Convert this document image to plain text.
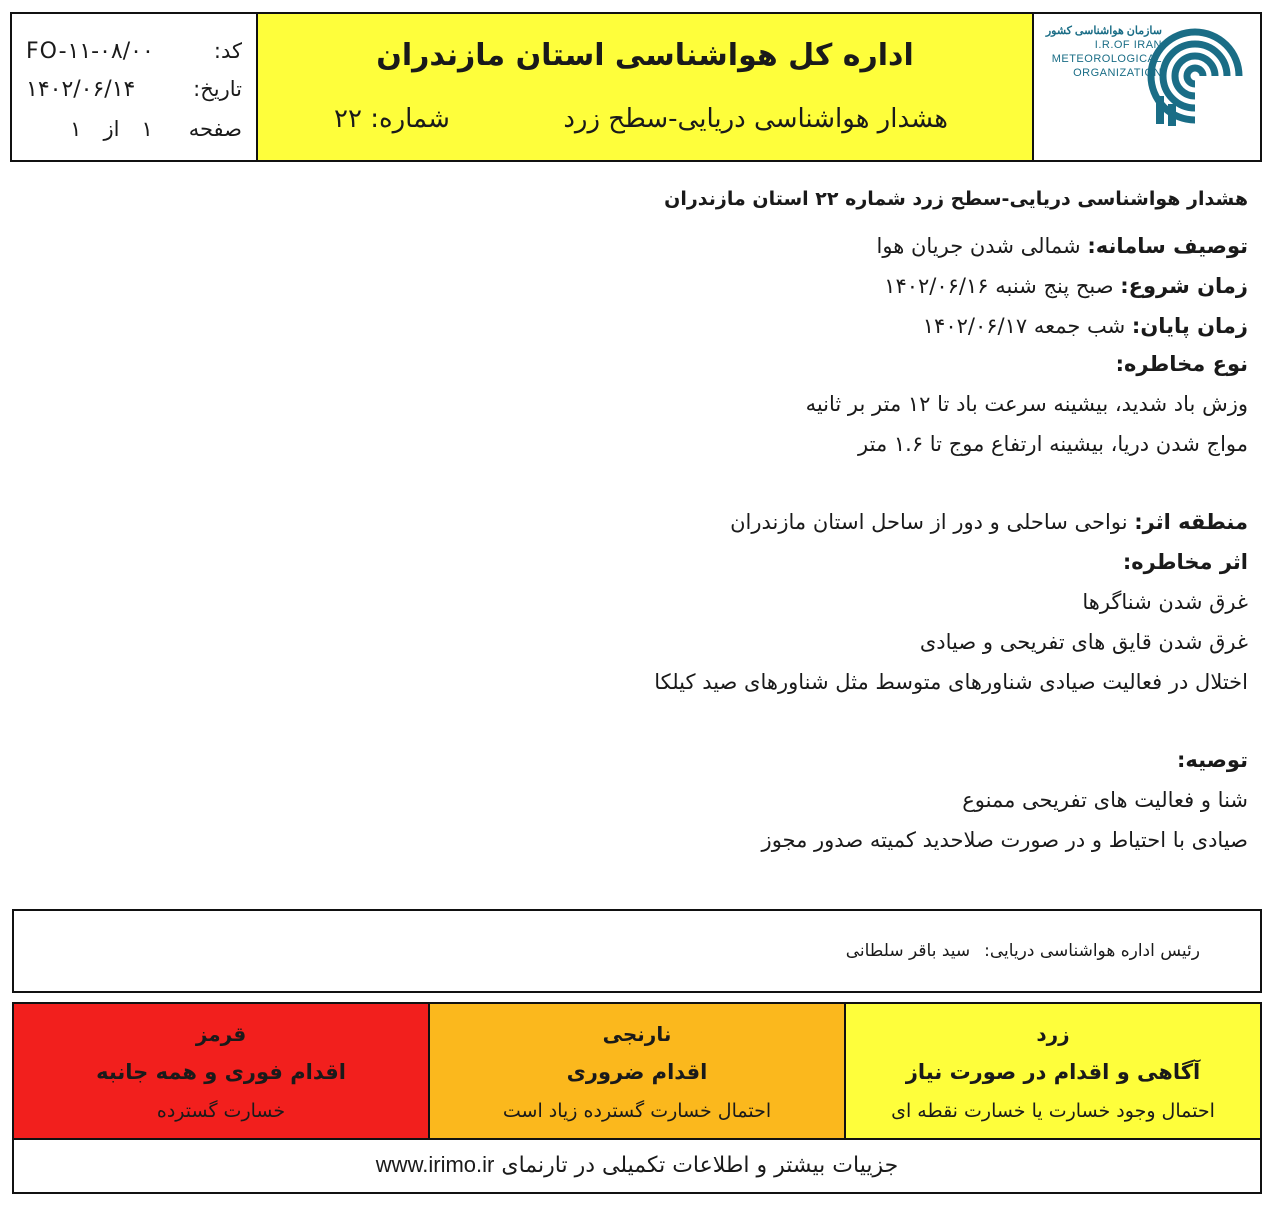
کد:
FO-۱۱-۰۸/۰۰
تاریخ:
۱۴۰۲/۰۶/۱۴
صفحه
۱
از
۱
اداره کل هواشناسی استان مازندران
هشدار هواشناسی دریایی-سطح زرد
شماره: ۲۲
سازمان هواشناسی کشور
I.R.OF IRAN
METEOROLOGICAL
ORGANIZATION
هشدار هواشناسی دریایی-سطح زرد شماره ۲۲ استان مازندران
توصیف سامانه: شمالی شدن جریان هوا
زمان شروع: صبح پنج شنبه ۱۴۰۲/۰۶/۱۶
زمان پایان: شب جمعه ۱۴۰۲/۰۶/۱۷
نوع مخاطره:
وزش باد شدید، بیشینه سرعت باد تا ۱۲ متر بر ثانیه
مواج شدن دریا، بیشینه ارتفاع موج تا ۱.۶ متر
منطقه اثر: نواحی ساحلی و دور از ساحل استان مازندران
اثر مخاطره:
غرق شدن شناگرها
غرق شدن قایق های تفریحی و صیادی
اختلال در فعالیت صیادی شناورهای متوسط مثل شناورهای صید کیلکا
توصیه:
شنا و فعالیت های تفریحی ممنوع
صیادی با احتیاط و در صورت صلاحدید کمیته صدور مجوز
رئیس اداره هواشناسی دریایی:سید باقر سلطانی
قرمز
اقدام فوری و همه جانبه
خسارت گسترده
نارنجی
اقدام ضروری
احتمال خسارت گسترده زیاد است
زرد
آگاهی و اقدام در صورت نیاز
احتمال وجود خسارت یا خسارت نقطه ای
جزییات بیشتر و اطلاعات تکمیلی در تارنمای www.irimo.ir
